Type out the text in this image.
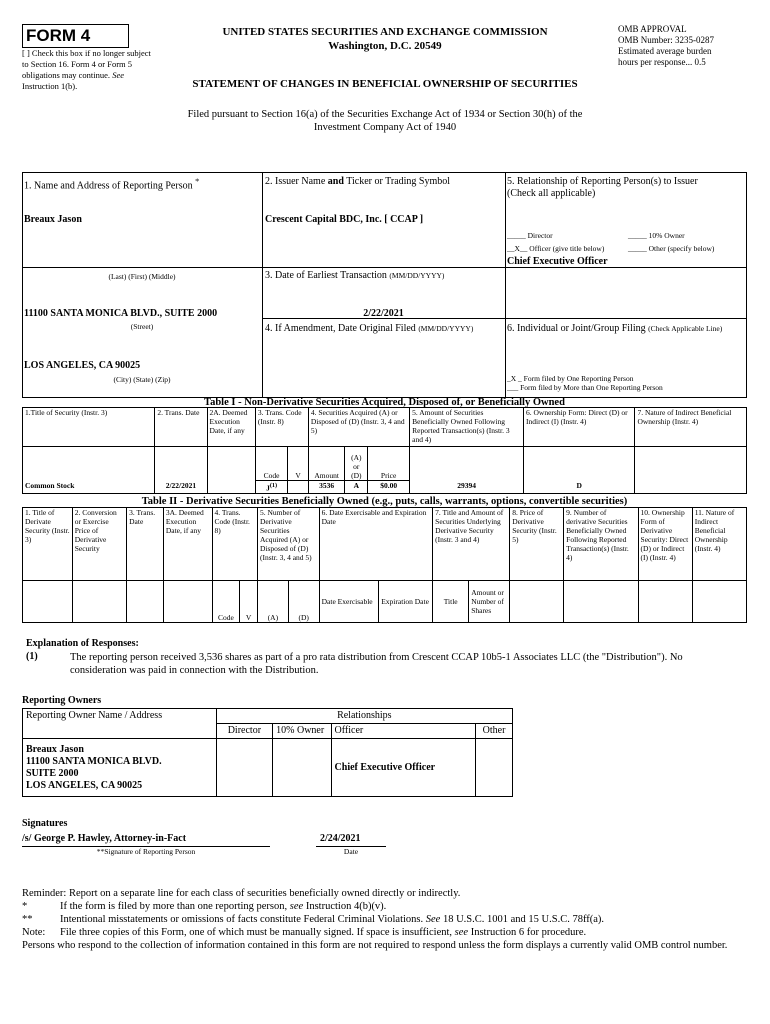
FORM 4
[ ] Check this box if no longer subject to Section 16. Form 4 or Form 5 obligations may continue. See Instruction 1(b).
UNITED STATES SECURITIES AND EXCHANGE COMMISSION
Washington, D.C. 20549
STATEMENT OF CHANGES IN BENEFICIAL OWNERSHIP OF SECURITIES
OMB APPROVAL
OMB Number: 3235-0287
Estimated average burden
hours per response... 0.5
Filed pursuant to Section 16(a) of the Securities Exchange Act of 1934 or Section 30(h) of the
Investment Company Act of 1940
1. Name and Address of Reporting Person *
Breaux Jason
(Last) (First) (Middle)
11100 SANTA MONICA BLVD., SUITE 2000
(Street)
LOS ANGELES, CA 90025
(City) (State) (Zip)
2. Issuer Name and Ticker or Trading Symbol
Crescent Capital BDC, Inc. [ CCAP ]
3. Date of Earliest Transaction (MM/DD/YYYY)
2/22/2021
4. If Amendment, Date Original Filed (MM/DD/YYYY)
5. Relationship of Reporting Person(s) to Issuer
(Check all applicable)
_____ Director	_____ 10% Owner
__X__ Officer (give title below)	_____ Other (specify below)
Chief Executive Officer
6. Individual or Joint/Group Filing (Check Applicable Line)
_X _ Form filed by One Reporting Person
___ Form filed by More than One Reporting Person
Table I - Non-Derivative Securities Acquired, Disposed of, or Beneficially Owned
1.Title of Security (Instr. 3)	2. Trans. Date	2A. Deemed Execution Date, if any	3. Trans. Code (Instr. 8)		4. Securities Acquired (A) or Disposed of (D) (Instr. 3, 4 and 5)			5. Amount of Securities Beneficially Owned Following Reported Transaction(s) (Instr. 3 and 4)	6. Ownership Form: Direct (D) or Indirect (I) (Instr. 4)	7. Nature of Indirect Beneficial Ownership (Instr. 4)
			Code	V	Amount	(A) or (D)	Price			
Common Stock	2/22/2021		$J^{(1)}$		3536	A	$0.00	29394	D	
Table II - Derivative Securities Beneficially Owned (e.g., puts, calls, warrants, options, convertible securities)
1. Title of Derivate Security (Instr. 3)	2. Conversion or Exercise Price of Derivative Security	3. Trans. Date	3A. Deemed Execution Date, if any	4. Trans. Code (Instr. 8)		5. Number of Derivative Securities Acquired (A) or Disposed of (D) (Instr. 3, 4 and 5)		6. Date Exercisable and Expiration Date		7. Title and Amount of Securities Underlying Derivative Security (Instr. 3 and 4)		8. Price of Derivative Security (Instr. 5)	9. Number of derivative Securities Beneficially Owned Following Reported Transaction(s) (Instr. 4)	10. Ownership Form of Derivative Security: Direct (D) or Indirect (I) (Instr. 4)	11. Nature of Indirect Beneficial Ownership (Instr. 4)
				Code	V	(A)	(D)	Date Exercisable	Expiration Date	Title	Amount or Number of Shares				
Explanation of Responses:
(1)	The reporting person received 3,536 shares as part of a pro rata distribution from Crescent CCAP 10b5-1 Associates LLC (the "Distribution"). No consideration was paid in connection with the Distribution.
Reporting Owners
Reporting Owner Name / Address	Relationships			
	Director	10% Owner	Officer	Other

Breaux Jason
11100 SANTA MONICA BLVD.
SUITE 2000
LOS ANGELES, CA 90025			Chief Executive Officer	
Signatures
/s/ George P. Hawley, Attorney-in-Fact
**Signature of Reporting Person
2/24/2021
Date
Reminder: Report on a separate line for each class of securities beneficially owned directly or indirectly.
*	If the form is filed by more than one reporting person, see Instruction 4(b)(v).
**	Intentional misstatements or omissions of facts constitute Federal Criminal Violations. See 18 U.S.C. 1001 and 15 U.S.C. 78ff(a).
Note: File three copies of this Form, one of which must be manually signed. If space is insufficient, see Instruction 6 for procedure.
Persons who respond to the collection of information contained in this form are not required to respond unless the form displays a currently valid OMB control number.
